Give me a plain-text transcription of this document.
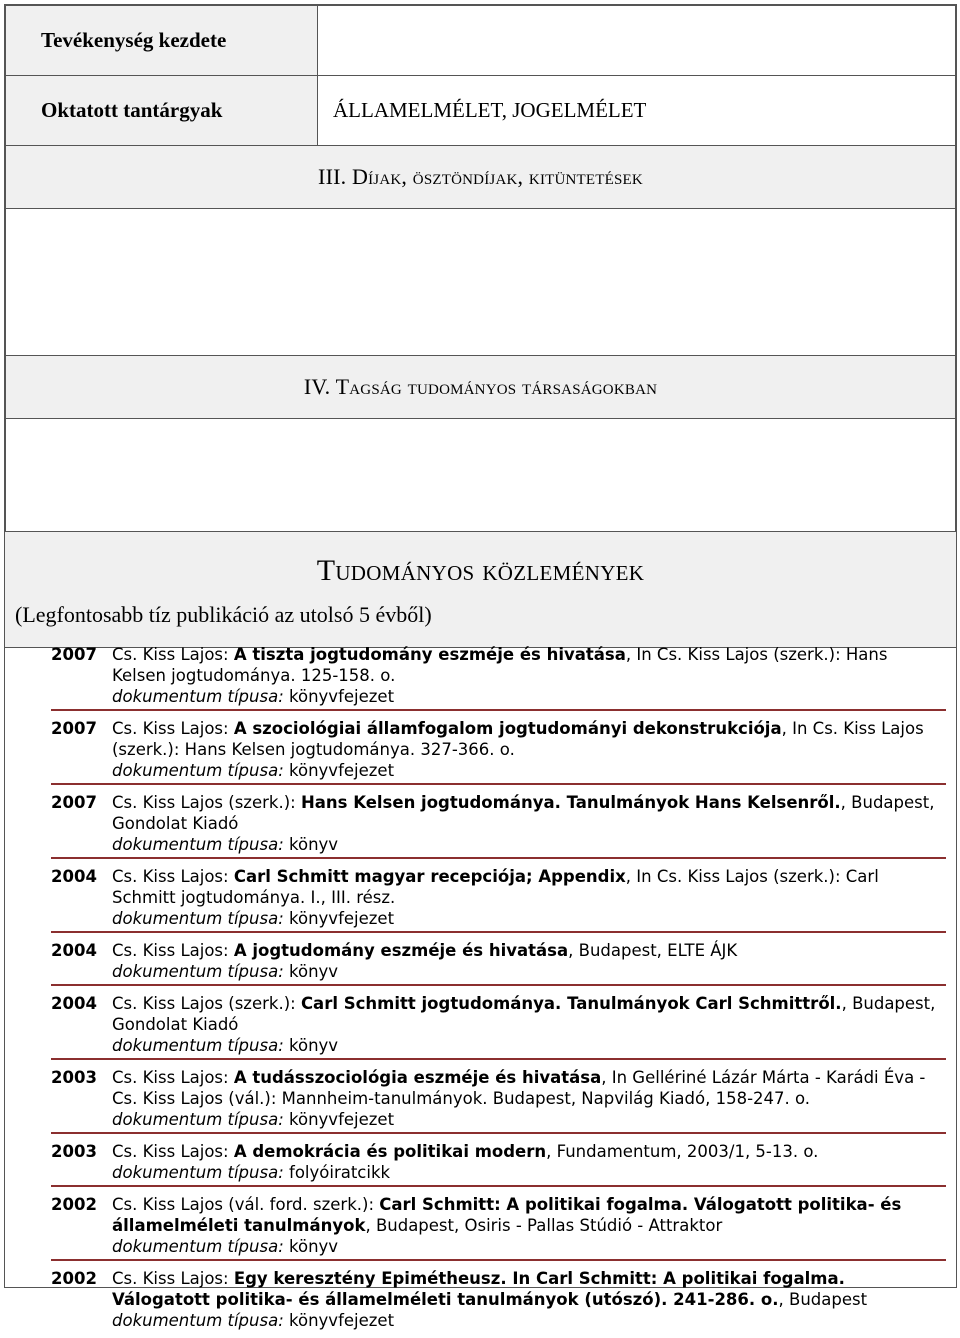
Tevékenység kezdete	
Oktatott tantárgyak	ÁLLAMELMÉLET, JOGELMÉLET
III. Díjak, ösztöndíjak, kitüntetések	

IV. Tagság tudományos társaságokban	

Tudományos közlemények
(Legfontosabb tíz publikáció az utolsó 5 évből)
2007 Cs. Kiss Lajos: A tiszta jogtudomány eszméje és hivatása, In Cs. Kiss Lajos (szerk.): Hans Kelsen jogtudománya. 125-158. o.
dokumentum típusa: könyvfejezet
2007 Cs. Kiss Lajos: A szociológiai államfogalom jogtudományi dekonstrukciója, In Cs. Kiss Lajos (szerk.): Hans Kelsen jogtudománya. 327-366. o.
dokumentum típusa: könyvfejezet
2007 Cs. Kiss Lajos (szerk.): Hans Kelsen jogtudománya. Tanulmányok Hans Kelsenről., Budapest, Gondolat Kiadó
dokumentum típusa: könyv
2004 Cs. Kiss Lajos: Carl Schmitt magyar recepciója; Appendix, In Cs. Kiss Lajos (szerk.): Carl Schmitt jogtudománya. I., III. rész.
dokumentum típusa: könyvfejezet
2004 Cs. Kiss Lajos: A jogtudomány eszméje és hivatása, Budapest, ELTE ÁJK
dokumentum típusa: könyv
2004 Cs. Kiss Lajos (szerk.): Carl Schmitt jogtudománya. Tanulmányok Carl Schmittről., Budapest, Gondolat Kiadó
dokumentum típusa: könyv
2003 Cs. Kiss Lajos: A tudásszociológia eszméje és hivatása, In Gellériné Lázár Márta - Karádi Éva - Cs. Kiss Lajos (vál.): Mannheim-tanulmányok. Budapest, Napvilág Kiadó, 158-247. o.
dokumentum típusa: könyvfejezet
2003 Cs. Kiss Lajos: A demokrácia és politikai modern, Fundamentum, 2003/1, 5-13. o.
dokumentum típusa: folyóiratcikk
2002 Cs. Kiss Lajos (vál. ford. szerk.): Carl Schmitt: A politikai fogalma. Válogatott politika- és államelméleti tanulmányok, Budapest, Osiris - Pallas Stúdió - Attraktor
dokumentum típusa: könyv
2002 Cs. Kiss Lajos: Egy keresztény Epimétheusz. In Carl Schmitt: A politikai fogalma. Válogatott politika- és államelméleti tanulmányok (utószó). 241-286. o., Budapest
dokumentum típusa: könyvfejezet
